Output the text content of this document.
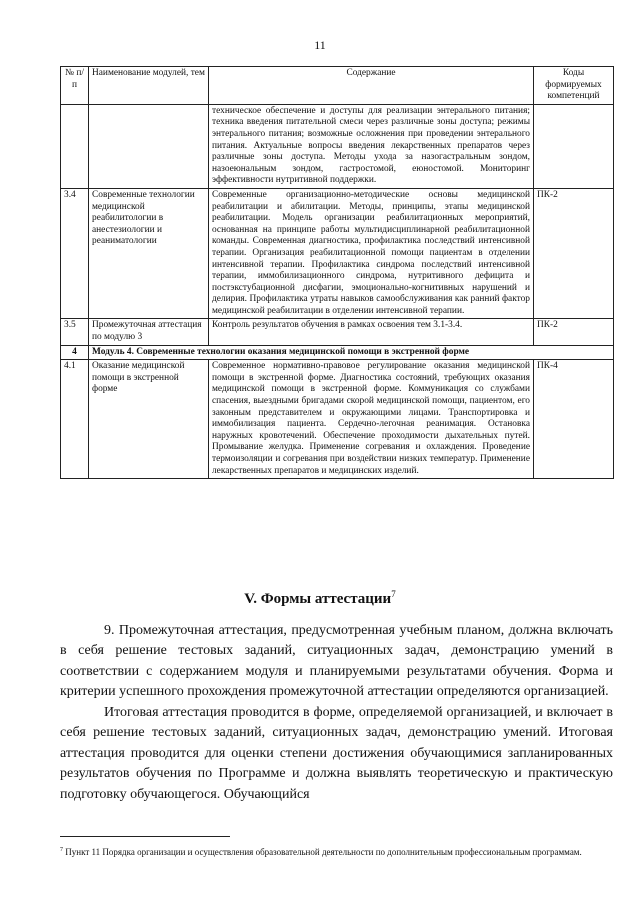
11
№ п/п	Наименование модулей, тем	Содержание	Коды формируемых компетенций
		техническое обеспечение и доступы для реализации энтерального питания; техника введения питательной смеси через различные зоны доступа; режимы энтерального питания; возможные осложнения при проведении энтерального питания. Актуальные вопросы введения лекарственных препаратов через различные зоны доступа. Методы ухода за назогастральным зондом, назоеюнальным зондом, гастростомой, еюностомой. Мониторинг эффективности нутритивной поддержки.	
3.4	Современные технологии медицинской реабилитологии в анестезиологии и реаниматологии	Современные организационно-методические основы медицинской реабилитации и абилитации. Методы, принципы, этапы медицинской реабилитации. Модель организации реабилитационных мероприятий, основанная на принципе работы мультидисциплинарной реабилитационной команды. Современная диагностика, профилактика последствий интенсивной терапии. Организация реабилитационной помощи пациентам в отделении интенсивной терапии. Профилактика синдрома последствий интенсивной терапии, иммобилизационного синдрома, нутритивного дефицита и постэкстубационной дисфагии, эмоционально-когнитивных нарушений и делирия. Профилактика утраты навыков самообслуживания как ранний фактор медицинской реабилитации в отделении интенсивной терапии.	ПК-2
3.5	Промежуточная аттестация по модулю 3	Контроль результатов обучения в рамках освоения тем 3.1-3.4.	ПК-2
4	Модуль 4. Современные технологии оказания медицинской помощи в экстренной форме		
4.1	Оказание медицинской помощи в экстренной форме	Современное нормативно-правовое регулирование оказания медицинской помощи в экстренной форме. Диагностика состояний, требующих оказания медицинской помощи в экстренной форме. Коммуникация со службами спасения, выездными бригадами скорой медицинской помощи, пациентом, его законным представителем и окружающими лицами. Транспортировка и иммобилизация пациента. Сердечно-легочная реанимация. Остановка наружных кровотечений. Обеспечение проходимости дыхательных путей. Промывание желудка. Применение согревания и охлаждения. Проведение термоизоляции и согревания при воздействии низких температур. Применение лекарственных препаратов и медицинских изделий.	ПК-4
V. Формы аттестации$^7$

9. Промежуточная аттестация, предусмотренная учебным планом, должна включать в себя решение тестовых заданий, ситуационных задач, демонстрацию умений в соответствии с содержанием модуля и планируемыми результатами обучения. Форма и критерии успешного прохождения промежуточной аттестации определяются организацией.

Итоговая аттестация проводится в форме, определяемой организацией, и включает в себя решение тестовых заданий, ситуационных задач, демонстрацию умений. Итоговая аттестация проводится для оценки степени достижения обучающимися запланированных результатов обучения по Программе и должна выявлять теоретическую и практическую подготовку обучающегося. Обучающийся

$^7$ Пункт 11 Порядка организации и осуществления образовательной деятельности по дополнительным профессиональным программам.
